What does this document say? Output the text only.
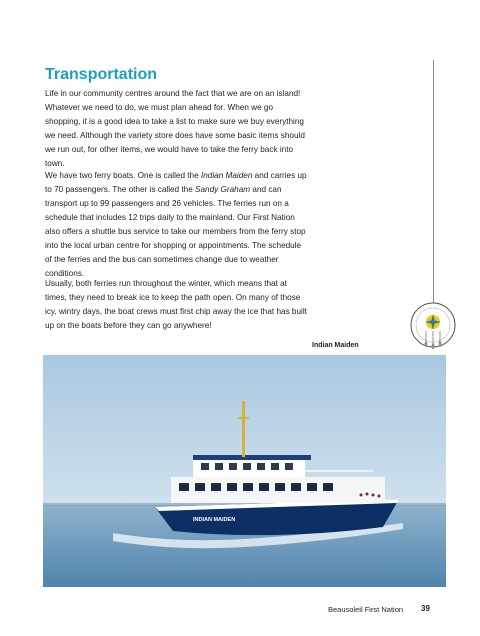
Transportation

Life in our community centres around the fact that we are on an island! Whatever we need to do, we must plan ahead for. When we go shopping, it is a good idea to take a list to make sure we buy everything we need. Although the variety store does have some basic items should we run out, for other items, we would have to take the ferry back into town.

We have two ferry boats. One is called the Indian Maiden and carries up to 70 passengers. The other is called the Sandy Graham and can transport up to 99 passengers and 26 vehicles. The ferries run on a schedule that includes 12 trips daily to the mainland. Our First Nation also offers a shuttle bus service to take our members from the ferry stop into the local urban centre for shopping or appointments. The schedule of the ferries and the bus can sometimes change due to weather conditions.

Usually, both ferries run throughout the winter, which means that at times, they need to break ice to keep the path open. On many of those icy, wintry days, the boat crews must first chip away the ice that has built up on the boats before they can go anywhere!

Indian Maiden

INDIAN MAIDEN
Beausoleil First Nation 39
